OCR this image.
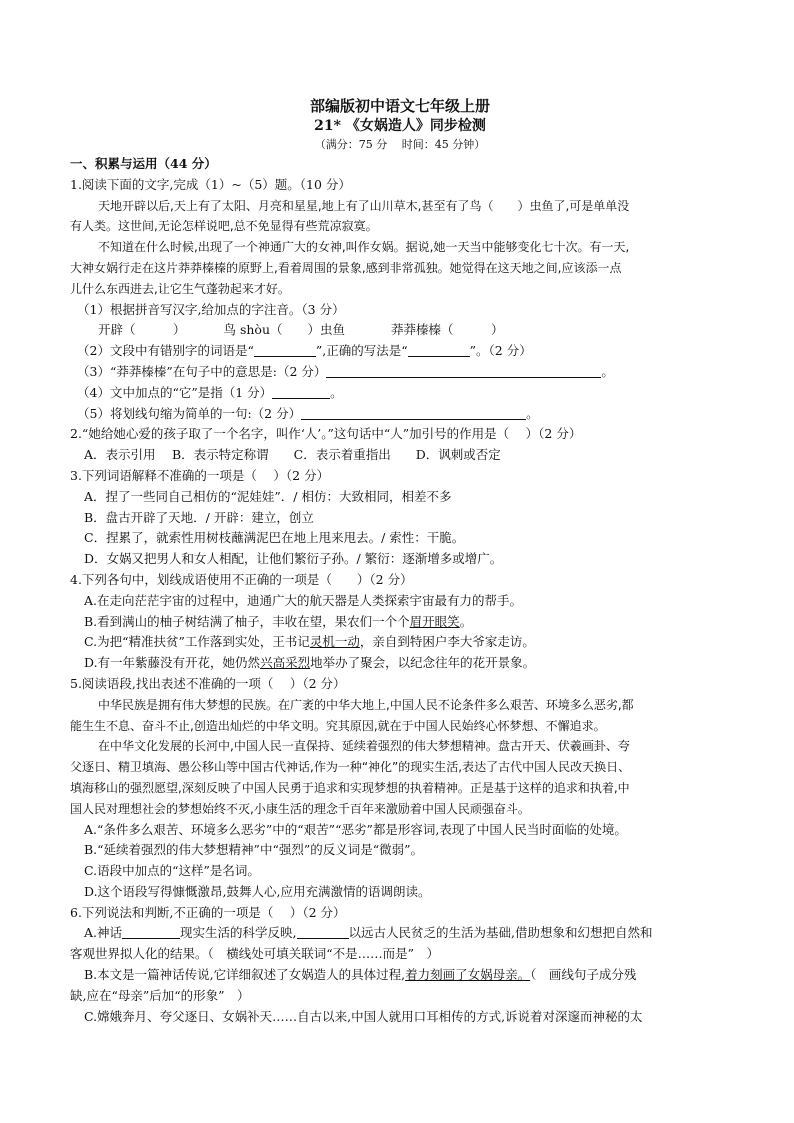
部编版初中语文七年级上册
21* 《女娲造人》同步检测
（满分：75 分　 时间：45 分钟）
一、积累与运用（44 分）
1.阅读下面的文字,完成（1）~（5）题。（10 分）
天地开辟以后,天上有了太阳、月亮和星星,地上有了山川草木,甚至有了鸟（　　）虫鱼了,可是单单没
有人类。这世间,无论怎样说吧,总不免显得有些荒凉寂寞。
不知道在什么时候,出现了一个神通广大的女神,叫作女娲。据说,她一天当中能够变化七十次。有一天,
大神女娲行走在这片莽莽榛榛的原野上,看着周围的景象,感到非常孤独。她觉得在这天地之间,应该添一点
儿什么东西进去,让它生气蓬勃起来才好。
（1）根据拼音写汉字,给加点的字注音。（3 分）
开辟（　　　）	鸟 shòu（　　）虫鱼	莽莽榛榛（　　　）
（2）文段中有错别字的词语是“	”,正确的写法是“	”。（2 分）
（3）“莽莽榛榛”在句子中的意思是:（2 分）	。
（4）文中加点的“它”是指（1 分）	。
（5）将划线句缩为简单的一句:（2 分）	。
2.“她给她心爱的孩子取了一个名字，叫作‘人’。”这句话中“人”加引号的作用是（　 ）（2 分）
A．表示引用　 B．表示特定称谓　　C．表示着重指出　　D．讽刺或否定
3.下列词语解释不准确的一项是（　 ）（2 分）
A．捏了一些同自己相仿的“泥娃娃”．/ 相仿：大致相同，相差不多
B．盘古开辟了天地．/ 开辟：建立，创立
C．捏累了，就索性用树枝蘸满泥巴在地上甩来甩去。/ 索性：干脆。
D．女娲又把男人和女人相配，让他们繁衍子孙。/ 繁衍：逐渐增多或增广。
4.下列各句中，划线成语使用不正确的一项是（　　）（2 分）
A.在走向茫茫宇宙的过程中，迪通广大的航天器是人类探索宇宙最有力的帮手。
B.看到满山的柚子树结满了柚子，丰收在望，果农们一个个眉开眼笑。
C.为把“精准扶贫”工作落到实处，王书记灵机一动，亲自到特困户李大爷家走访。
D.有一年紫藤没有开花，她仍然兴高采烈地举办了聚会，以纪念往年的花开景象。
5.阅读语段,找出表述不准确的一项（　 ）（2 分）
中华民族是拥有伟大梦想的民族。在广袤的中华大地上,中国人民不论条件多么艰苦、环境多么恶劣,都
能生生不息、奋斗不止,创造出灿烂的中华文明。究其原因,就在于中国人民始终心怀梦想、不懈追求。
在中华文化发展的长河中,中国人民一直保持、延续着强烈的伟大梦想精神。盘古开天、伏羲画卦、夸
父逐日、精卫填海、愚公移山等中国古代神话,作为一种“神化”的现实生活,表达了古代中国人民改天换日、
填海移山的强烈愿望,深刻反映了中国人民勇于追求和实现梦想的执着精神。正是基于这样的追求和执着,中
国人民对理想社会的梦想始终不灭,小康生活的理念千百年来激励着中国人民顽强奋斗。
A.“条件多么艰苦、环境多么恶劣”中的“艰苦”“恶劣”都是形容词,表现了中国人民当时面临的处境。
B.“延续着强烈的伟大梦想精神”中“强烈”的反义词是“微弱”。
C.语段中加点的“这样”是名词。
D.这个语段写得慷慨激昂,鼓舞人心,应用充满激情的语调朗读。
6.下列说法和判断,不正确的一项是（　 ）（2 分）
A.神话	现实生活的科学反映,	以远古人民贫乏的生活为基础,借助想象和幻想把自然和
客观世界拟人化的结果。（　横线处可填关联词“不是……而是”　）
B.本文是一篇神话传说,它详细叙述了女娲造人的具体过程,着力刻画了女娲母亲。（　画线句子成分残
缺,应在“母亲”后加“的形象”　）
C.嫦娥奔月、夸父逐日、女娲补天……自古以来,中国人就用口耳相传的方式,诉说着对深邃而神秘的太
